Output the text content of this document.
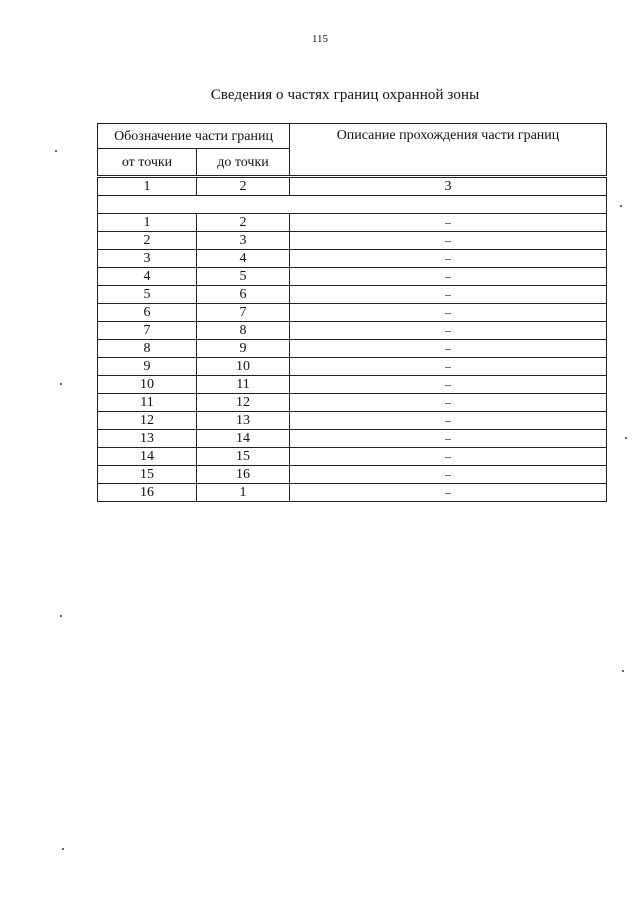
115
Сведения о частях границ охранной зоны
Обозначение части границ		Описание прохождения части границ
от точки	до точки	

1	2	3

1	2	–
2	3	–
3	4	–
4	5	–
5	6	–
6	7	–
7	8	–
8	9	–
9	10	–
10	11	–
11	12	–
12	13	–
13	14	–
14	15	–
15	16	–
16	1	–
